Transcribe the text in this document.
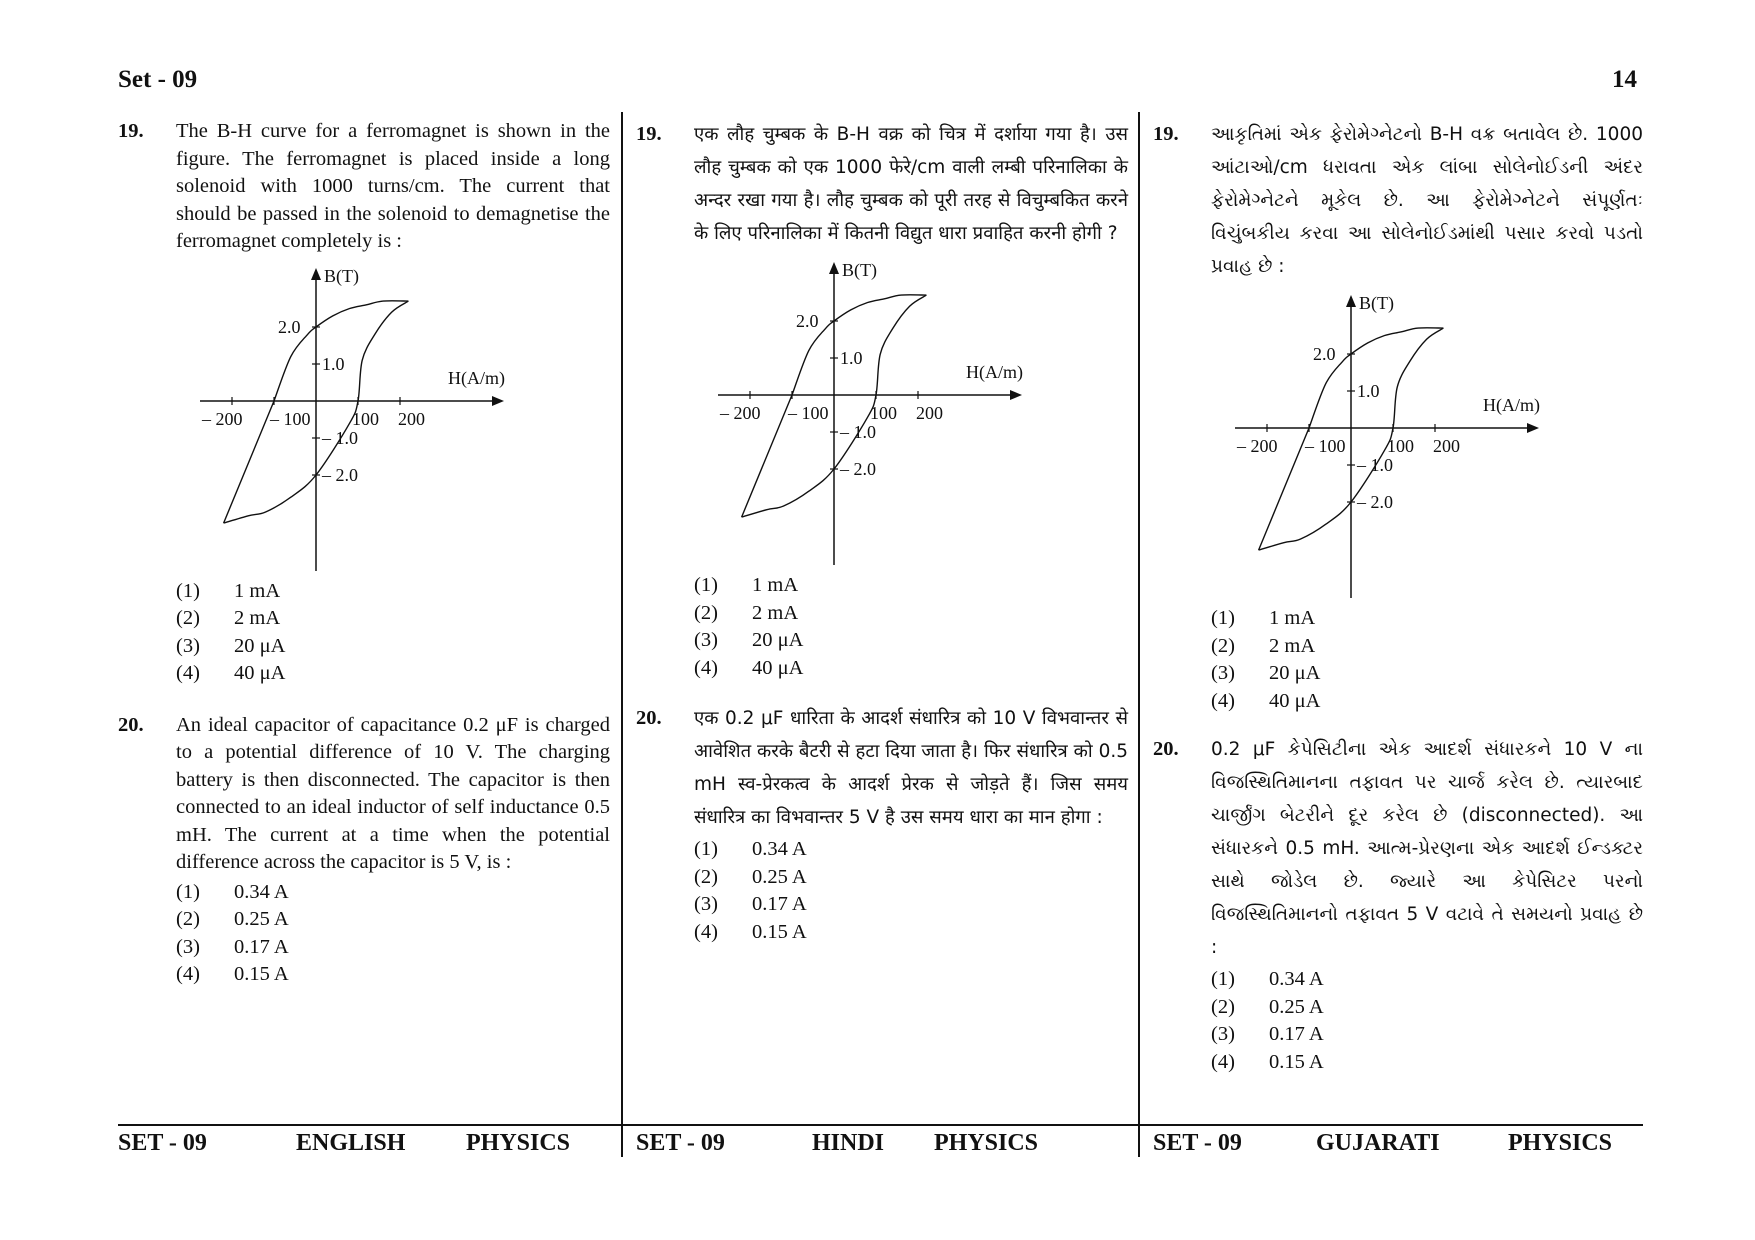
Set - 09	14
19. The B-H curve for a ferromagnet is shown in the figure. The ferromagnet is placed inside a long solenoid with 1000 turns/cm. The current that should be passed in the solenoid to demagnetise the ferromagnet completely is :
B(T)
H(A/m)
– 200 – 100 100 200
2.0
1.0
– 1.0
– 2.0
(1)	1 mA
(2)	2 mA
(3)	20 μA
(4)	40 μA
20. An ideal capacitor of capacitance 0.2 μF is charged to a potential difference of 10 V. The charging battery is then disconnected. The capacitor is then connected to an ideal inductor of self inductance 0.5 mH. The current at a time when the potential difference across the capacitor is 5 V, is :
(1)	0.34 A
(2)	0.25 A
(3)	0.17 A
(4)	0.15 A
19. एक लौह चुम्बक के B-H वक्र को चित्र में दर्शाया गया है। उस लौह चुम्बक को एक 1000 फेरे/cm वाली लम्बी परिनालिका के अन्दर रखा गया है। लौह चुम्बक को पूरी तरह से विचुम्बकित करने के लिए परिनालिका में कितनी विद्युत धारा प्रवाहित करनी होगी ?
B(T)
H(A/m)
– 200 – 100 100 200
2.0
1.0
– 1.0
– 2.0
(1)	1 mA
(2)	2 mA
(3)	20 μA
(4)	40 μA
20. एक 0.2 μF धारिता के आदर्श संधारित्र को 10 V विभवान्तर से आवेशित करके बैटरी से हटा दिया जाता है। फिर संधारित्र को 0.5 mH स्व-प्रेरकत्व के आदर्श प्रेरक से जोड़ते हैं। जिस समय संधारित्र का विभवान्तर 5 V है उस समय धारा का मान होगा :
(1)	0.34 A
(2)	0.25 A
(3)	0.17 A
(4)	0.15 A
19. આકૃતિમાં એક ફેરોમેગ્નેટનો B-H વક્ર બતાવેલ છે. 1000 આંટાઓ/cm ધરાવતા એક લાંબા સોલેનોઈડની અંદર ફેરોમેગ્નેટને મૂકેલ છે. આ ફેરોમેગ્નેટને સંપૂર્ણતઃ વિચુંબકીય કરવા આ સોલેનોઈડમાંથી પસાર કરવો પડતો પ્રવાહ છે :
B(T)
H(A/m)
– 200 – 100 100 200
2.0
1.0
– 1.0
– 2.0
(1)	1 mA
(2)	2 mA
(3)	20 μA
(4)	40 μA
20. 0.2 μF કેપેસિટીના એક આદર્શ સંધારકને 10 V ના વિજસ્થિતિમાનના તફાવત પર ચાર્જ કરેલ છે. ત્યારબાદ ચાર્જીંગ બેટરીને દૂર કરેલ છે (disconnected). આ સંધારકને 0.5 mH. આત્મ-પ્રેરણના એક આદર્શ ઈન્ડક્ટર સાથે જોડેલ છે. જ્યારે આ કેપેસિટર પરનો વિજસ્થિતિમાનનો તફાવત 5 V વટાવે તે સમયનો પ્રવાહ છે :
(1)	0.34 A
(2)	0.25 A
(3)	0.17 A
(4)	0.15 A
SET - 09	ENGLISH	PHYSICS	SET - 09	HINDI PHYSICS	SET - 09	GUJARATI	PHYSICS
